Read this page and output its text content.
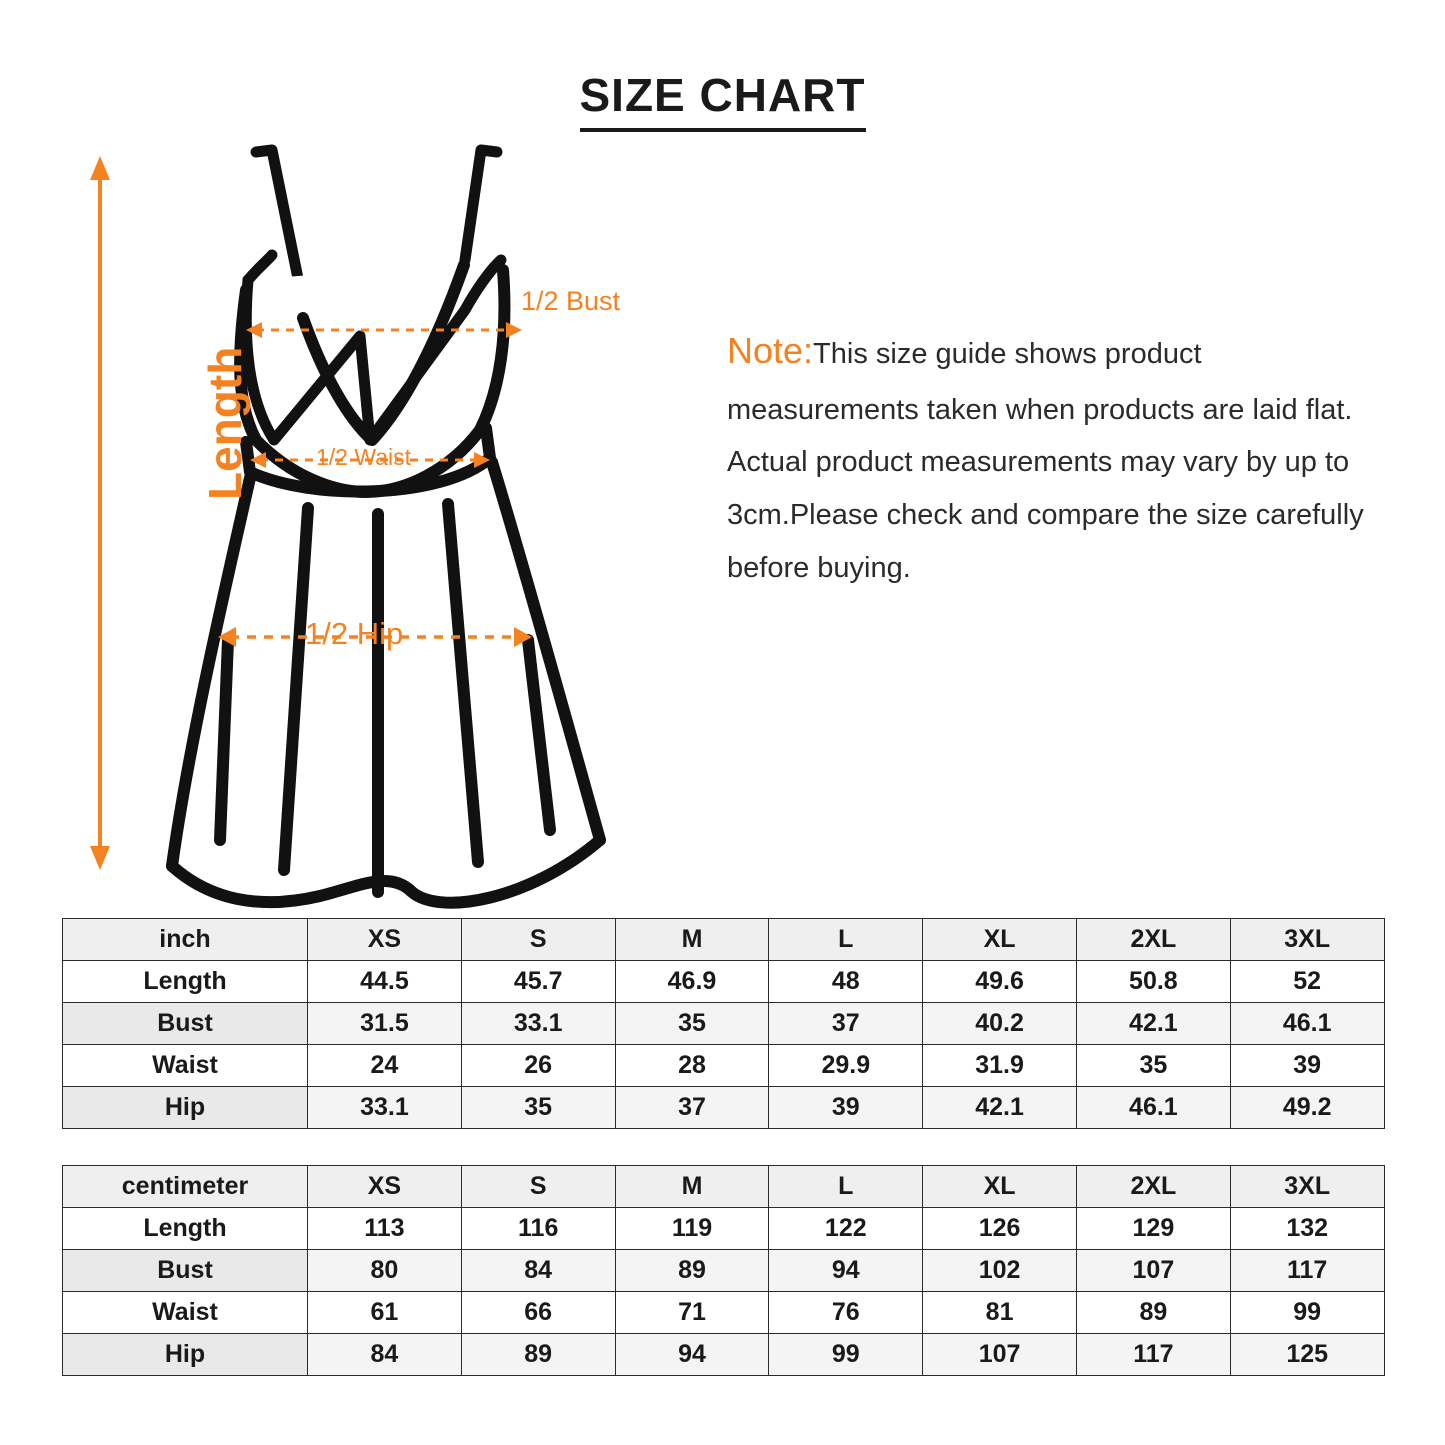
SIZE CHART
Length
1/2 Bust
1/2 Waist
1/2 Hip
Note:This size guide shows product measurements taken when products are laid flat. Actual product measurements may vary by up to 3cm.Please check and compare the size carefully before buying.
inch	XS	S	M	L	XL	2XL	3XL
Length	44.5	45.7	46.9	48	49.6	50.8	52
Bust	31.5	33.1	35	37	40.2	42.1	46.1
Waist	24	26	28	29.9	31.9	35	39
Hip	33.1	35	37	39	42.1	46.1	49.2
centimeter	XS	S	M	L	XL	2XL	3XL
Length	113	116	119	122	126	129	132
Bust	80	84	89	94	102	107	117
Waist	61	66	71	76	81	89	99
Hip	84	89	94	99	107	117	125
